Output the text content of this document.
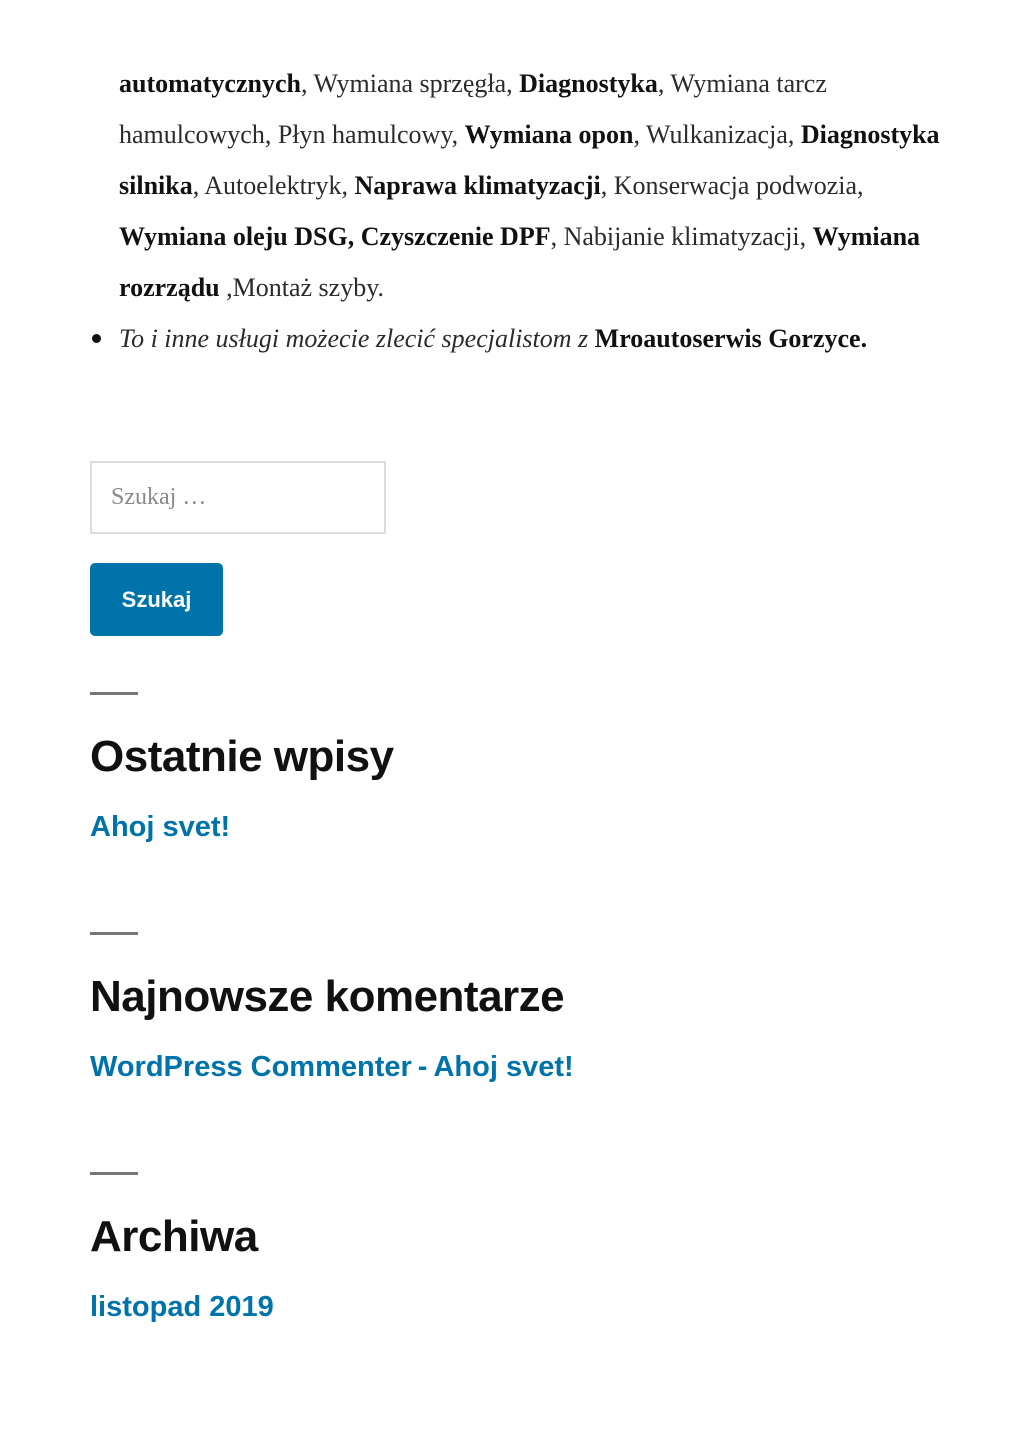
automatycznych, Wymiana sprzęgła, Diagnostyka, Wymiana tarcz hamulcowych, Płyn hamulcowy, Wymiana opon, Wulkanizacja, Diagnostyka silnika, Autoelektryk, Naprawa klimatyzacji, Konserwacja podwozia, Wymiana oleju DSG, Czyszczenie DPF, Nabijanie klimatyzacji, Wymiana rozrządu ,Montaż szyby.
To i inne usługi możecie zlecić specjalistom z Mroautoserwis Gorzyce.
Szukaj …
Szukaj
Ostatnie wpisy
Ahoj svet!
Najnowsze komentarze
WordPress Commenter - Ahoj svet!
Archiwa
listopad 2019
